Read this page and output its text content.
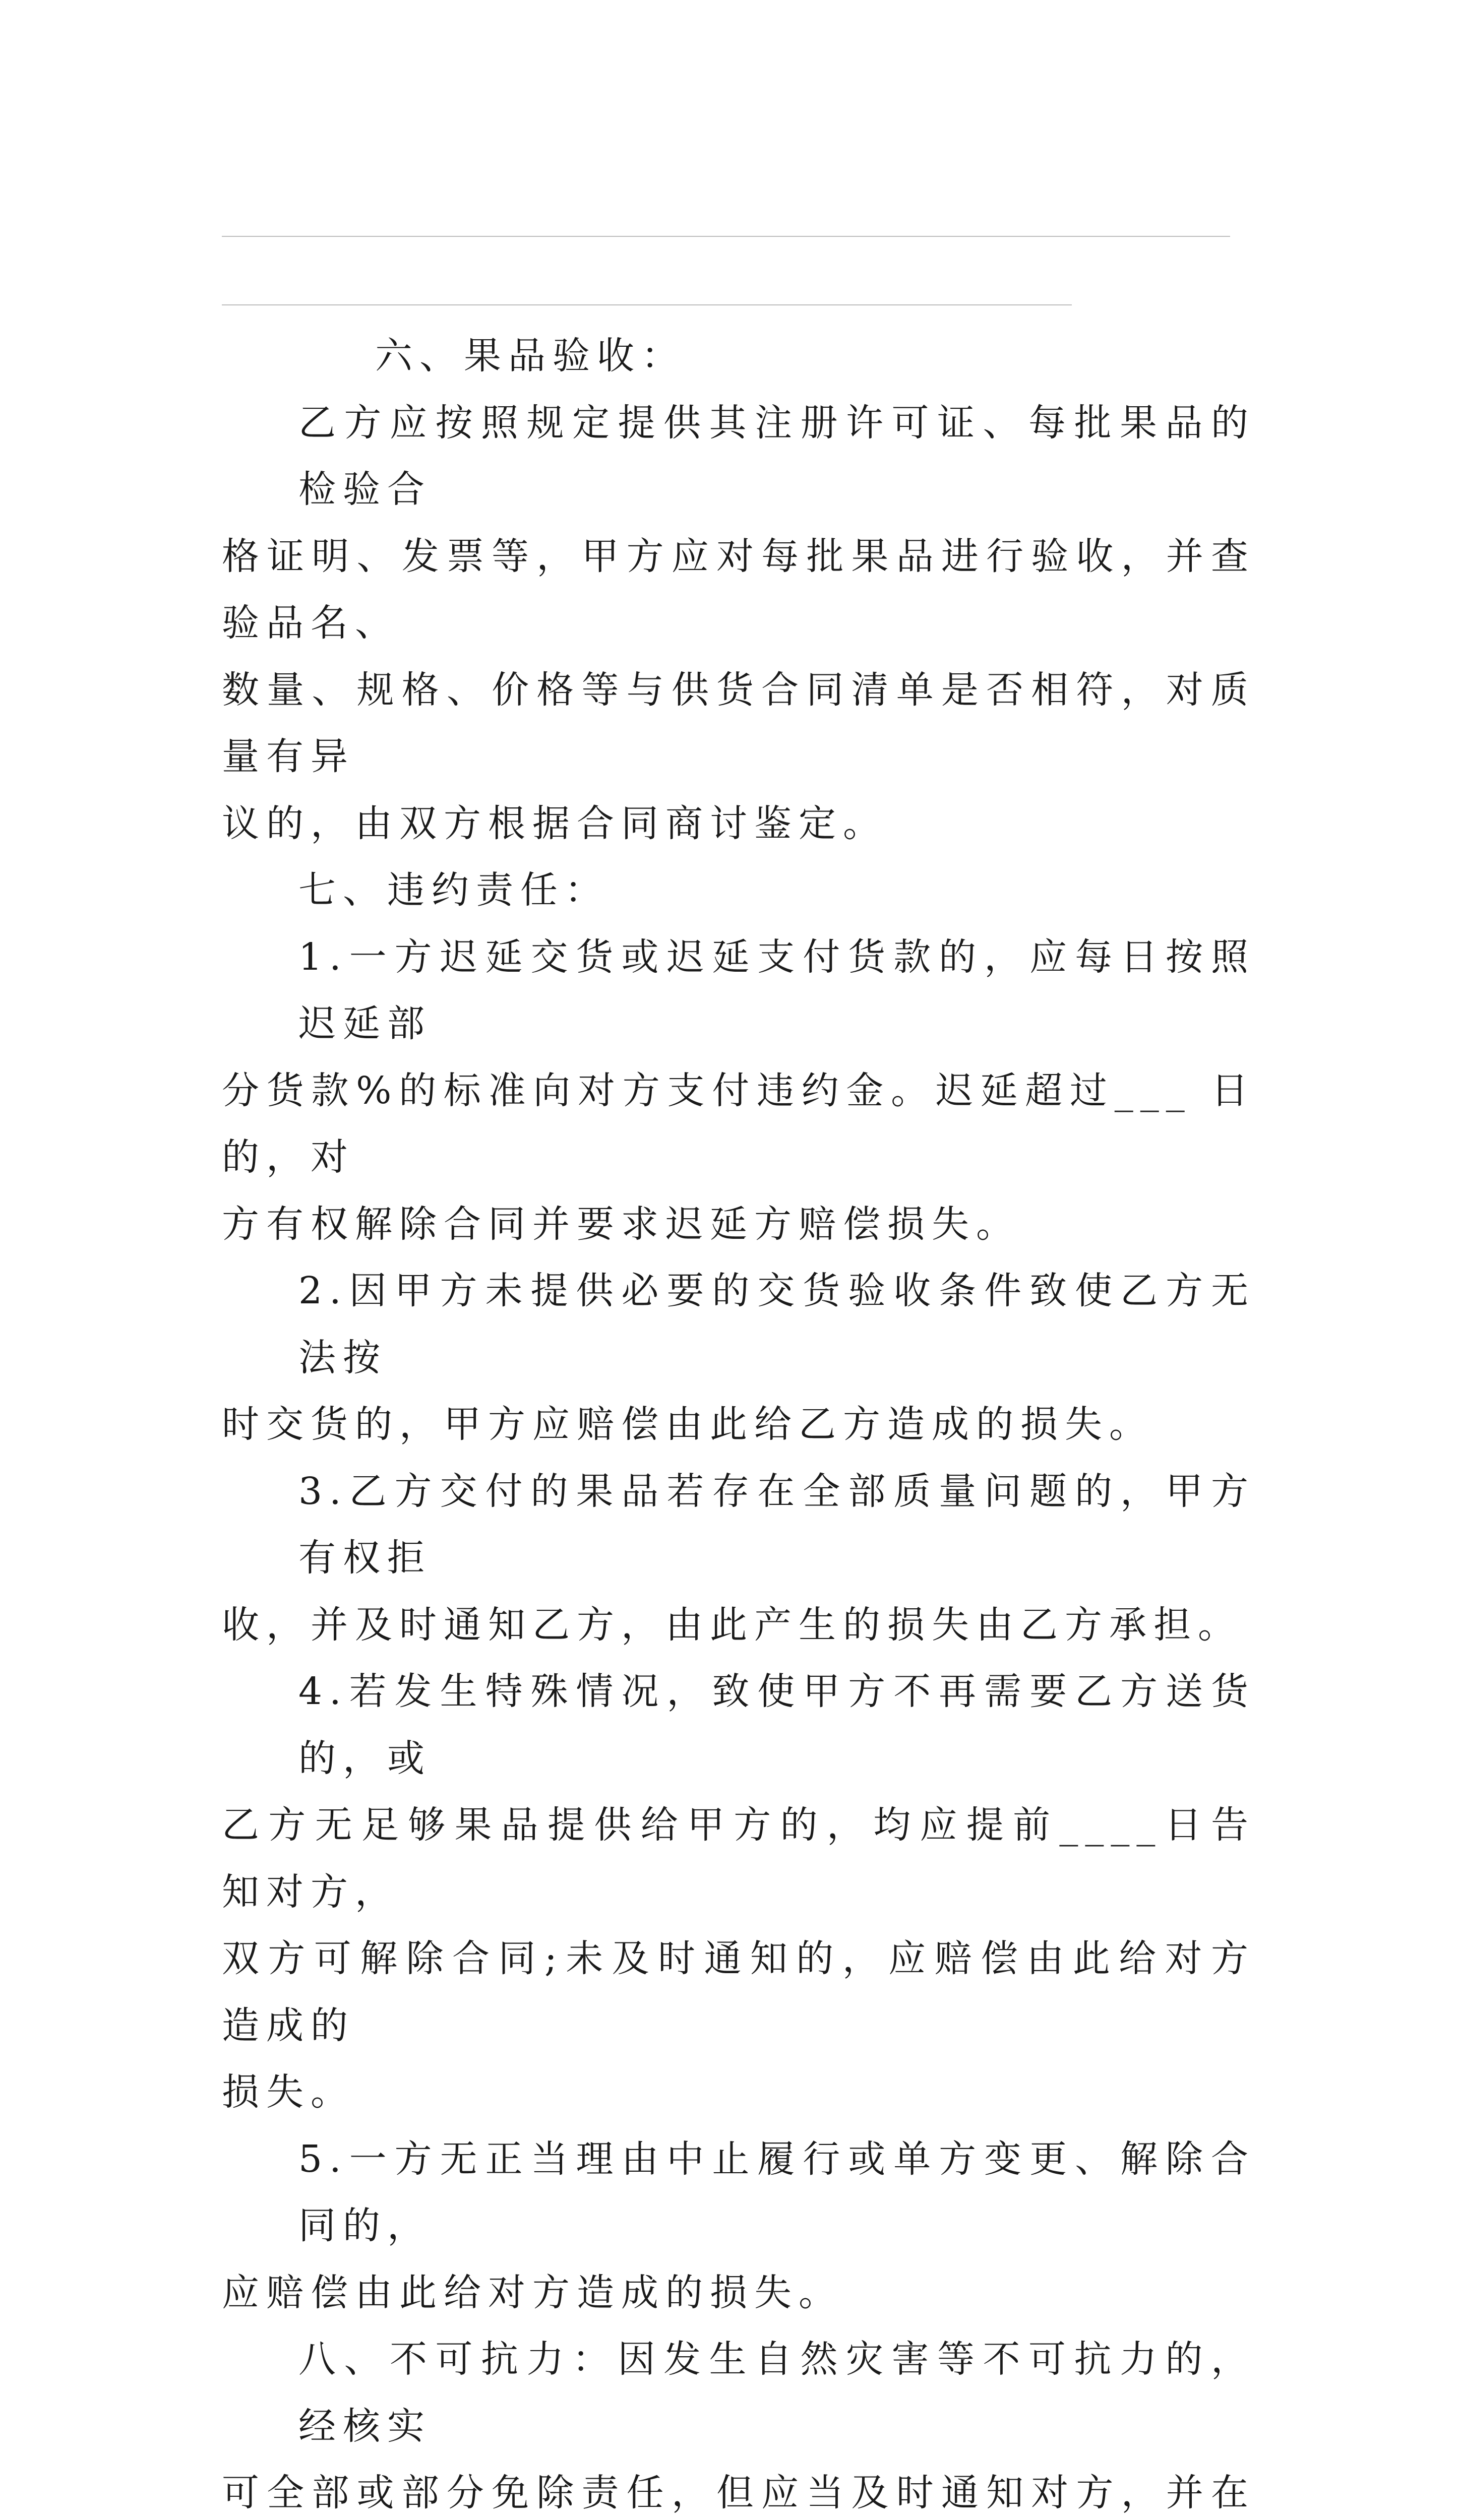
六、果品验收：

乙方应按照规定提供其注册许可证、每批果品的检验合
格证明、发票等，甲方应对每批果品进行验收，并查验品名、
数量、规格、价格等与供货合同清单是否相符，对质量有异
议的，由双方根据合同商讨鉴定。

七、违约责任：

1.一方迟延交货或迟延支付货款的，应每日按照迟延部
分货款%的标准向对方支付违约金。迟延超过___ 日的，对
方有权解除合同并要求迟延方赔偿损失。

2.因甲方未提供必要的交货验收条件致使乙方无法按
时交货的，甲方应赔偿由此给乙方造成的损失。

3.乙方交付的果品若存在全部质量问题的，甲方有权拒
收，并及时通知乙方，由此产生的损失由乙方承担。

4.若发生特殊情况，致使甲方不再需要乙方送货的，或
乙方无足够果品提供给甲方的，均应提前____日告知对方，
双方可解除合同;未及时通知的，应赔偿由此给对方造成的
损失。

5.一方无正当理由中止履行或单方变更、解除合同的，
应赔偿由此给对方造成的损失。

八、不可抗力：因发生自然灾害等不可抗力的，经核实
可全部或部分免除责任，但应当及时通知对方，并在
